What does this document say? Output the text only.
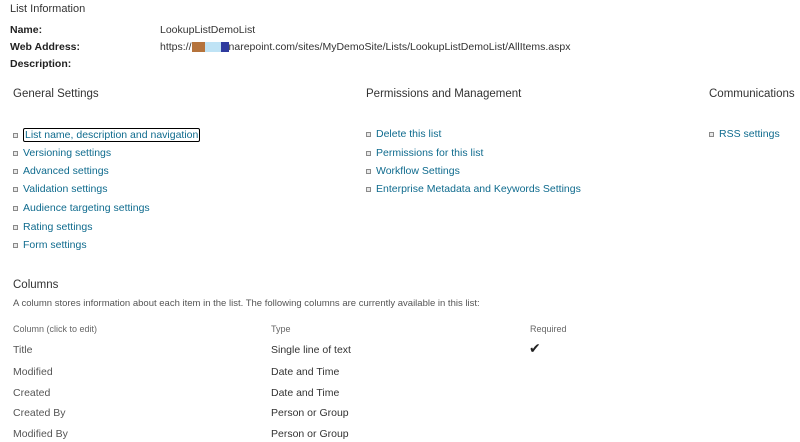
List Information
Name:	LookupListDemoList
Web Address:	https://	narepoint.com/sites/MyDemoSite/Lists/LookupListDemoList/AllItems.aspx
Description:
General Settings	Permissions and Management	Communications
List name, description and navigation
Versioning settings
Advanced settings
Validation settings
Audience targeting settings
Rating settings
Form settings
Delete this list
Permissions for this list
Workflow Settings
Enterprise Metadata and Keywords Settings
RSS settings
Columns
A column stores information about each item in the list. The following columns are currently available in this list:
Column (click to edit)	Type	Required
Title	Single line of text	✔
Modified	Date and Time
Created	Date and Time
Created By	Person or Group
Modified By	Person or Group
